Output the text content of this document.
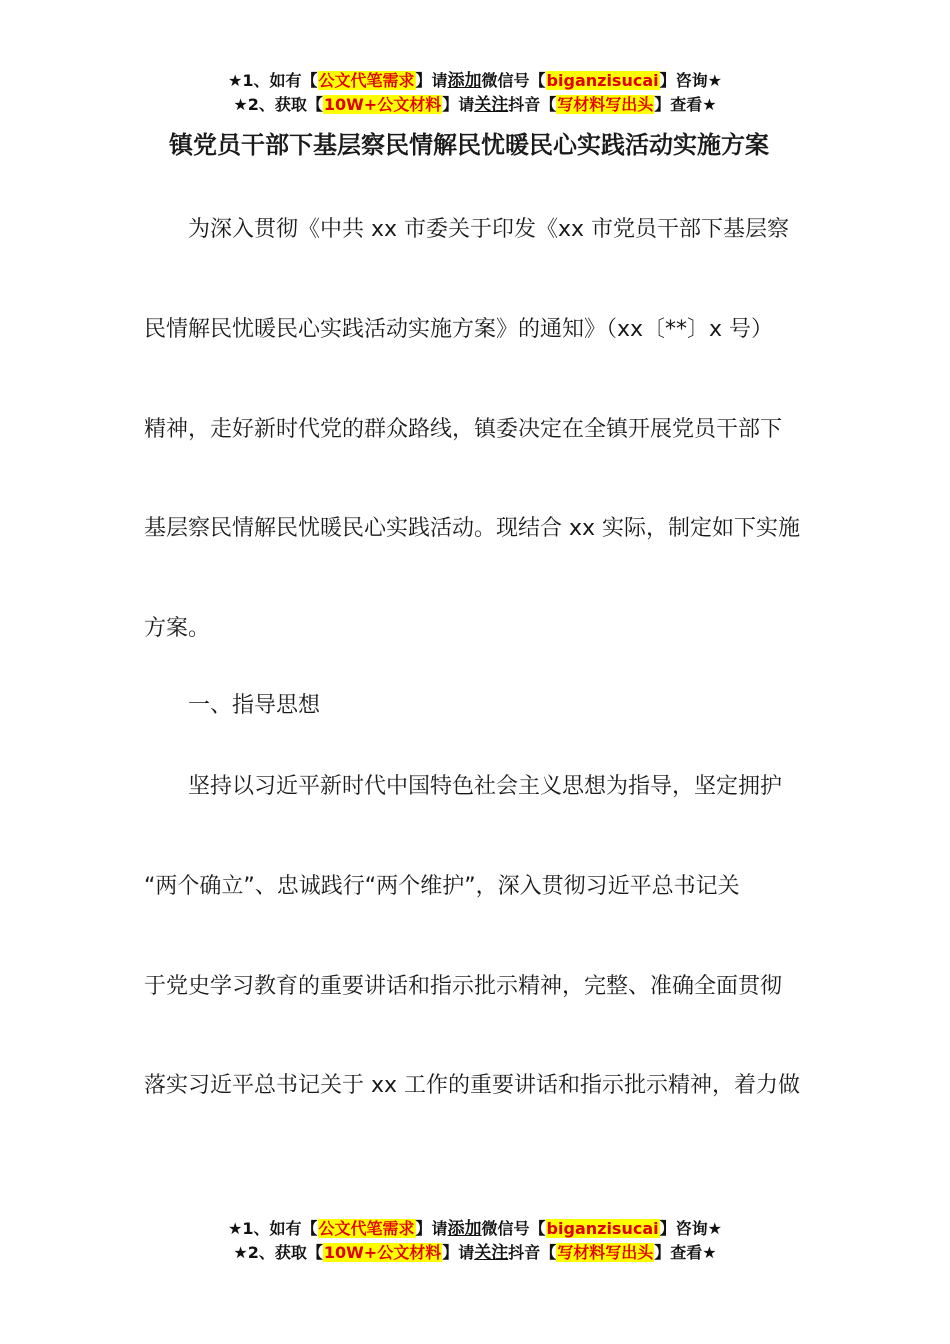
★1、如有【公文代笔需求】请添加微信号【biganzisucai】咨询★
★2、获取【10W+公文材料】请关注抖音【写材料写出头】查看★
镇党员干部下基层察民情解民忧暖民心实践活动实施方案
为深入贯彻《中共 xx 市委关于印发《xx 市党员干部下基层察
民情解民忧暖民心实践活动实施方案》的通知》（xx〔**〕x 号）
精神，走好新时代党的群众路线，镇委决定在全镇开展党员干部下
基层察民情解民忧暖民心实践活动。现结合 xx 实际，制定如下实施
方案。
一、指导思想
坚持以习近平新时代中国特色社会主义思想为指导，坚定拥护
“两个确立”、忠诚践行“两个维护”，深入贯彻习近平总书记关
于党史学习教育的重要讲话和指示批示精神，完整、准确全面贯彻
落实习近平总书记关于 xx 工作的重要讲话和指示批示精神，着力做
★1、如有【公文代笔需求】请添加微信号【biganzisucai】咨询★
★2、获取【10W+公文材料】请关注抖音【写材料写出头】查看★
